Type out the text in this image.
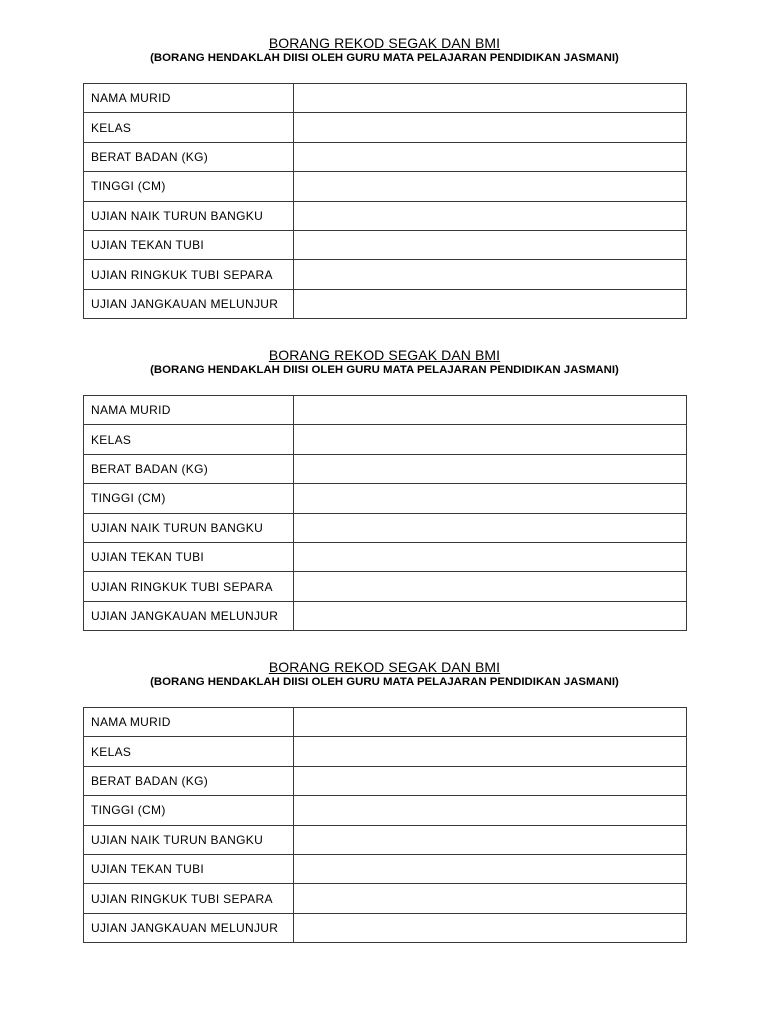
BORANG REKOD SEGAK DAN BMI
(BORANG HENDAKLAH DIISI OLEH GURU MATA PELAJARAN PENDIDIKAN JASMANI)
NAMA MURID	
KELAS	
BERAT BADAN (KG)	
TINGGI (CM)	
UJIAN NAIK TURUN BANGKU	
UJIAN TEKAN TUBI	
UJIAN RINGKUK TUBI SEPARA	
UJIAN JANGKAUAN MELUNJUR	
BORANG REKOD SEGAK DAN BMI
(BORANG HENDAKLAH DIISI OLEH GURU MATA PELAJARAN PENDIDIKAN JASMANI)
NAMA MURID	
KELAS	
BERAT BADAN (KG)	
TINGGI (CM)	
UJIAN NAIK TURUN BANGKU	
UJIAN TEKAN TUBI	
UJIAN RINGKUK TUBI SEPARA	
UJIAN JANGKAUAN MELUNJUR	
BORANG REKOD SEGAK DAN BMI
(BORANG HENDAKLAH DIISI OLEH GURU MATA PELAJARAN PENDIDIKAN JASMANI)
NAMA MURID	
KELAS	
BERAT BADAN (KG)	
TINGGI (CM)	
UJIAN NAIK TURUN BANGKU	
UJIAN TEKAN TUBI	
UJIAN RINGKUK TUBI SEPARA	
UJIAN JANGKAUAN MELUNJUR	
